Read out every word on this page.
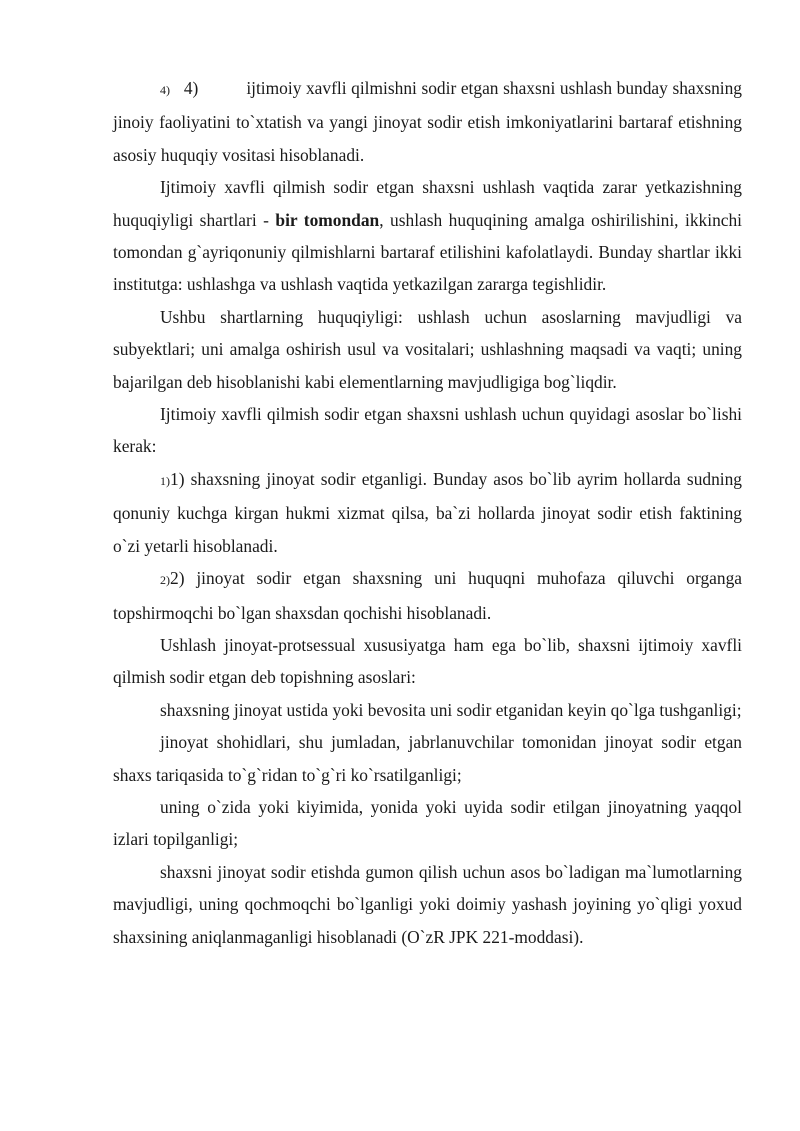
4) 4)	ijtimoiy xavfli qilmishni sodir etgan shaxsni ushlash bunday shaxsning jinoiy faoliyatini to`xtatish va yangi jinoyat sodir etish imkoniyatlarini bartaraf etishning asosiy huquqiy vositasi hisoblanadi.

Ijtimoiy xavfli qilmish sodir etgan shaxsni ushlash vaqtida zarar yetkazishning huquqiyligi shartlari - bir tomondan, ushlash huquqining amalga oshirilishini, ikkinchi tomondan g`ayriqonuniy qilmishlarni bartaraf etilishini kafolatlaydi. Bunday shartlar ikki institutga: ushlashga va ushlash vaqtida yetkazilgan zararga tegishlidir.

Ushbu shartlarning huquqiyligi: ushlash uchun asoslarning mavjudligi va subyektlari; uni amalga oshirish usul va vositalari; ushlashning maqsadi va vaqti; uning bajarilgan deb hisoblanishi kabi elementlarning mavjudligiga bog`liqdir.

Ijtimoiy xavfli qilmish sodir etgan shaxsni ushlash uchun quyidagi asoslar bo`lishi kerak:

1)1) shaxsning jinoyat sodir etganligi. Bunday asos bo`lib ayrim hollarda sudning qonuniy kuchga kirgan hukmi xizmat qilsa, ba`zi hollarda jinoyat sodir etish faktining o`zi yetarli hisoblanadi.

2)2) jinoyat sodir etgan shaxsning uni huquqni muhofaza qiluvchi organga topshirmoqchi bo`lgan shaxsdan qochishi hisoblanadi.

Ushlash jinoyat-protsessual xususiyatga ham ega bo`lib, shaxsni ijtimoiy xavfli qilmish sodir etgan deb topishning asoslari:

shaxsning jinoyat ustida yoki bevosita uni sodir etganidan keyin qo`lga tushganligi;

jinoyat shohidlari, shu jumladan, jabrlanuvchilar tomonidan jinoyat sodir etgan shaxs tariqasida to`g`ridan to`g`ri ko`rsatilganligi;

uning o`zida yoki kiyimida, yonida yoki uyida sodir etilgan jinoyatning yaqqol izlari topilganligi;

shaxsni jinoyat sodir etishda gumon qilish uchun asos bo`ladigan ma`lumotlarning mavjudligi, uning qochmoqchi bo`lganligi yoki doimiy yashash joyining yo`qligi yoxud shaxsining aniqlanmaganligi hisoblanadi (O`zR JPK 221-moddasi).
